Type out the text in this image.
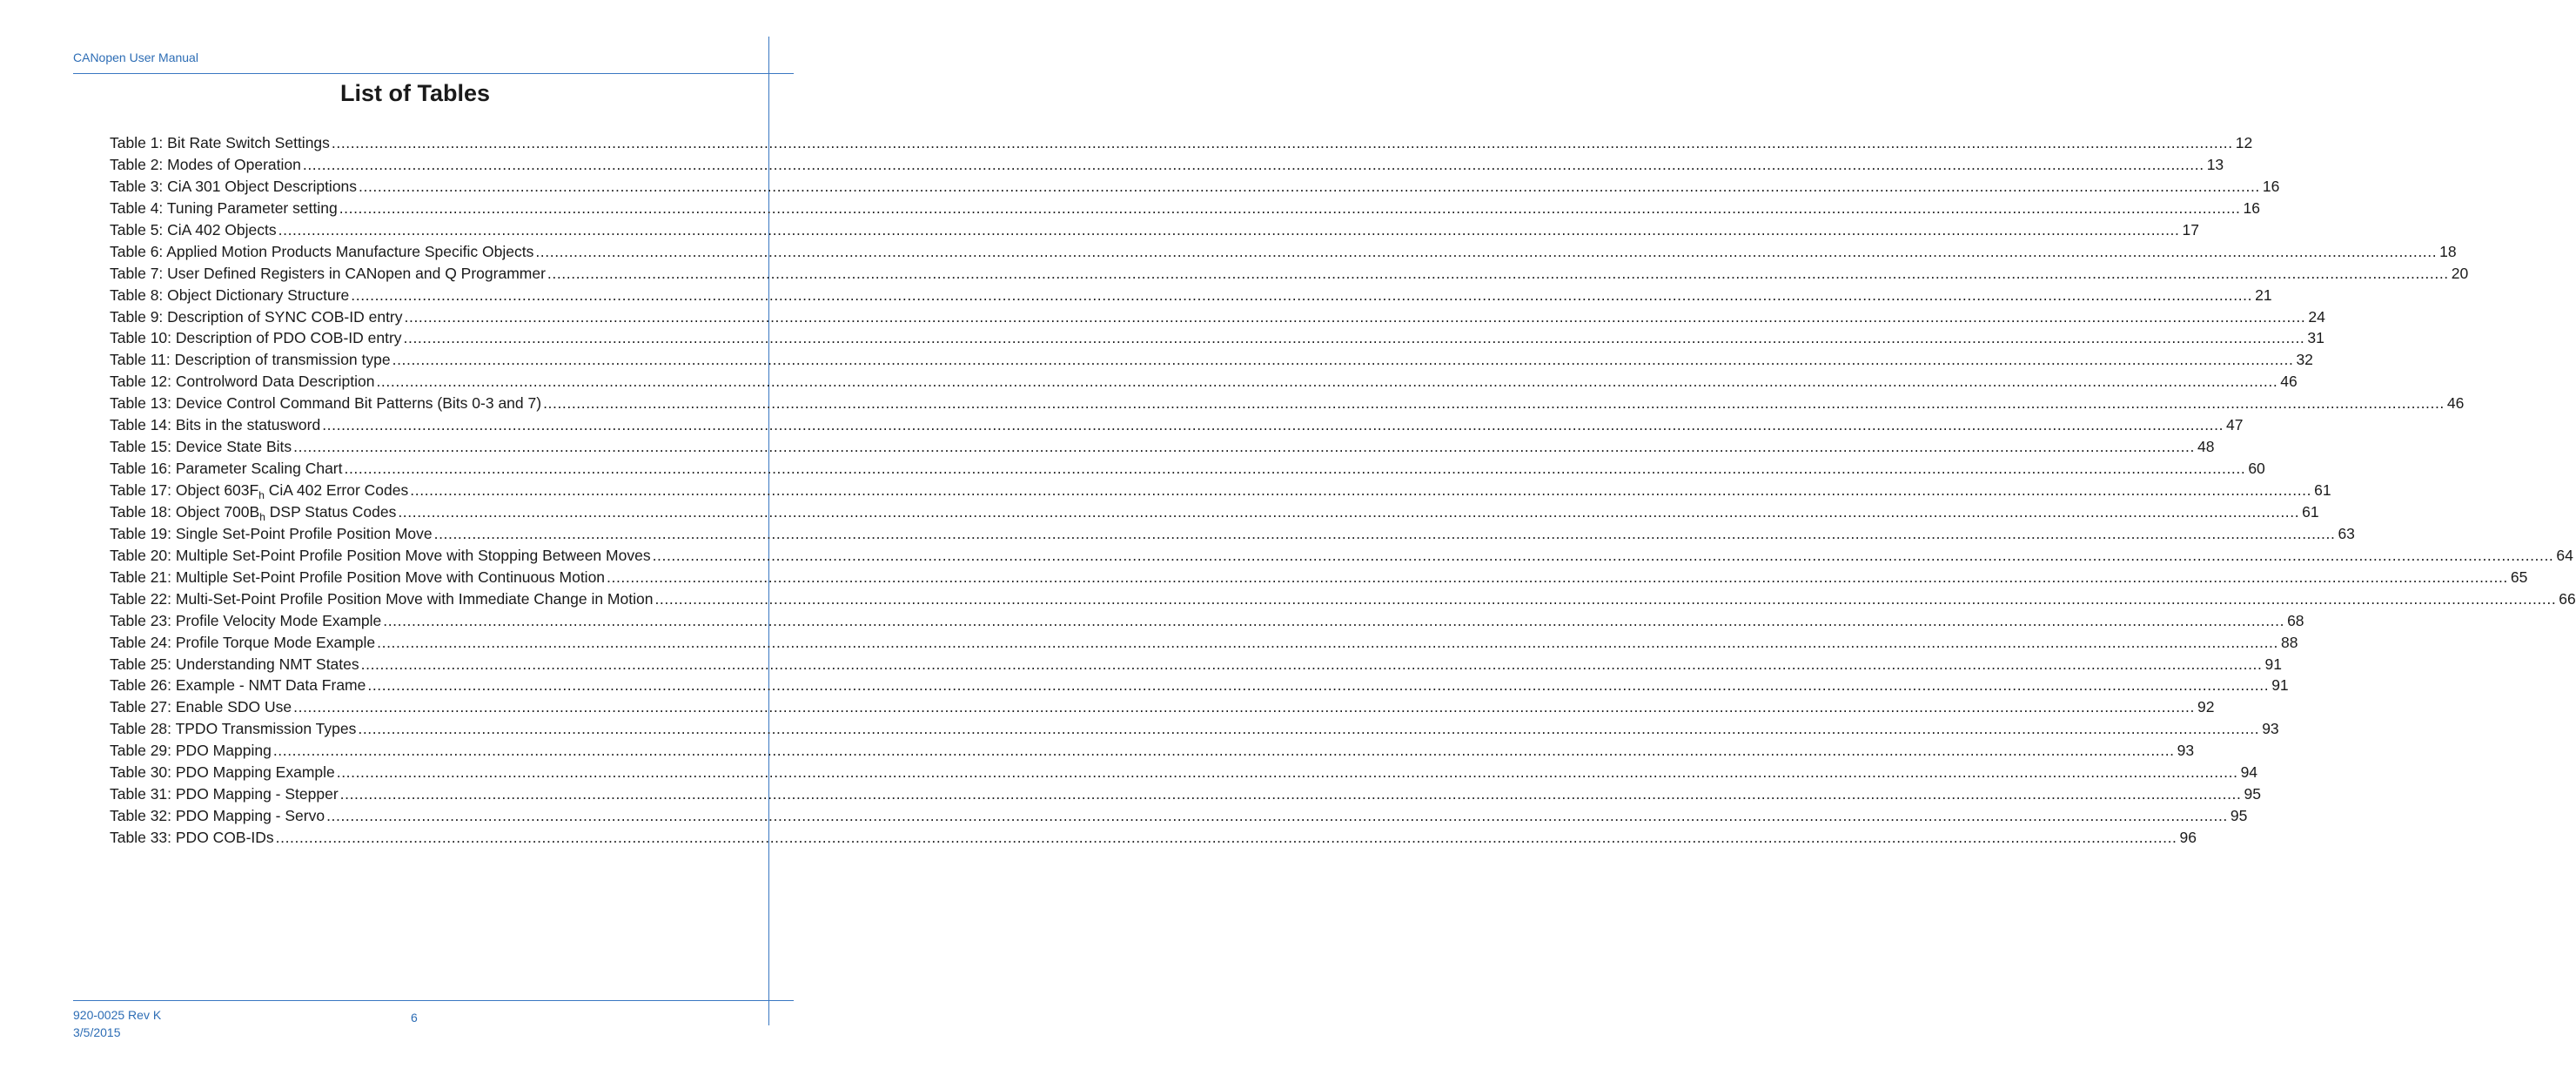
CANopen User Manual
List of Tables
Table 1: Bit Rate Switch Settings ................................................................................................................................................................................................................................................................................................................................................................................................................ 12
Table 2: Modes of Operation ................................................................................................................................................................................................................................................................................................................................................................................................................ 13
Table 3: CiA 301 Object Descriptions ................................................................................................................................................................................................................................................................................................................................................................................................................ 16
Table 4: Tuning Parameter setting ................................................................................................................................................................................................................................................................................................................................................................................................................ 16
Table 5: CiA 402 Objects ................................................................................................................................................................................................................................................................................................................................................................................................................ 17
Table 6: Applied Motion Products Manufacture Specific Objects ................................................................................................................................................................................................................................................................................................................................................................................................................ 18
Table 7: User Defined Registers in CANopen and Q Programmer ................................................................................................................................................................................................................................................................................................................................................................................................................ 20
Table 8: Object Dictionary Structure ................................................................................................................................................................................................................................................................................................................................................................................................................ 21
Table 9: Description of SYNC COB-ID entry ................................................................................................................................................................................................................................................................................................................................................................................................................ 24
Table 10: Description of PDO COB-ID entry ................................................................................................................................................................................................................................................................................................................................................................................................................ 31
Table 11: Description of transmission type ................................................................................................................................................................................................................................................................................................................................................................................................................ 32
Table 12: Controlword Data Description ................................................................................................................................................................................................................................................................................................................................................................................................................ 46
Table 13: Device Control Command Bit Patterns (Bits 0-3 and 7) ................................................................................................................................................................................................................................................................................................................................................................................................................ 46
Table 14: Bits in the statusword ................................................................................................................................................................................................................................................................................................................................................................................................................ 47
Table 15: Device State Bits ................................................................................................................................................................................................................................................................................................................................................................................................................ 48
Table 16: Parameter Scaling Chart ................................................................................................................................................................................................................................................................................................................................................................................................................ 60
Table 17: Object $603F_h$ CiA 402 Error Codes ................................................................................................................................................................................................................................................................................................................................................................................................................ 61
Table 18: Object $700B_h$ DSP Status Codes ................................................................................................................................................................................................................................................................................................................................................................................................................ 61
Table 19: Single Set-Point Profile Position Move ................................................................................................................................................................................................................................................................................................................................................................................................................ 63
Table 20: Multiple Set-Point Profile Position Move with Stopping Between Moves ................................................................................................................................................................................................................................................................................................................................................................................................................ 64
Table 21: Multiple Set-Point Profile Position Move with Continuous Motion ................................................................................................................................................................................................................................................................................................................................................................................................................ 65
Table 22: Multi-Set-Point Profile Position Move with Immediate Change in Motion ................................................................................................................................................................................................................................................................................................................................................................................................................ 66
Table 23: Profile Velocity Mode Example ................................................................................................................................................................................................................................................................................................................................................................................................................ 68
Table 24: Profile Torque Mode Example ................................................................................................................................................................................................................................................................................................................................................................................................................ 88
Table 25: Understanding NMT States ................................................................................................................................................................................................................................................................................................................................................................................................................ 91
Table 26: Example - NMT Data Frame ................................................................................................................................................................................................................................................................................................................................................................................................................ 91
Table 27: Enable SDO Use ................................................................................................................................................................................................................................................................................................................................................................................................................ 92
Table 28: TPDO Transmission Types ................................................................................................................................................................................................................................................................................................................................................................................................................ 93
Table 29: PDO Mapping ................................................................................................................................................................................................................................................................................................................................................................................................................ 93
Table 30: PDO Mapping Example ................................................................................................................................................................................................................................................................................................................................................................................................................ 94
Table 31: PDO Mapping - Stepper ................................................................................................................................................................................................................................................................................................................................................................................................................ 95
Table 32: PDO Mapping - Servo ................................................................................................................................................................................................................................................................................................................................................................................................................ 95
Table 33: PDO COB-IDs ................................................................................................................................................................................................................................................................................................................................................................................................................ 96
920-0025 Rev K
3/5/2015
6
